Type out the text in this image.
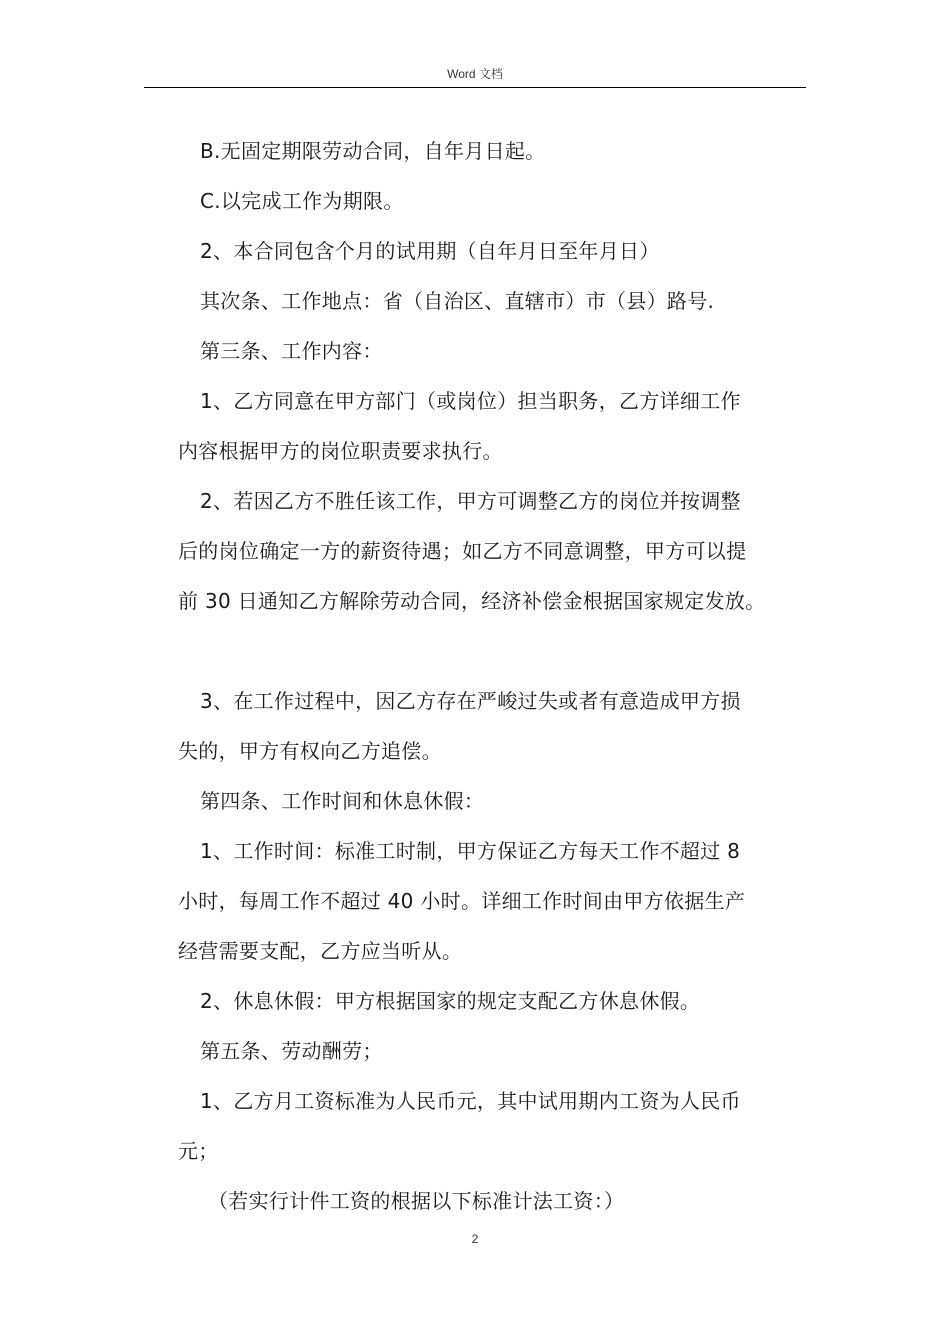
Word 文档

B.无固定期限劳动合同，自年月日起。

C.以完成工作为期限。

2、本合同包含个月的试用期（自年月日至年月日）

其次条、工作地点：省（自治区、直辖市）市（县）路号.

第三条、工作内容：

1、乙方同意在甲方部门（或岗位）担当职务，乙方详细工作

内容根据甲方的岗位职责要求执行。

2、若因乙方不胜任该工作，甲方可调整乙方的岗位并按调整

后的岗位确定一方的薪资待遇；如乙方不同意调整，甲方可以提

前 30 日通知乙方解除劳动合同，经济补偿金根据国家规定发放。

3、在工作过程中，因乙方存在严峻过失或者有意造成甲方损

失的，甲方有权向乙方追偿。

第四条、工作时间和休息休假：

1、工作时间：标准工时制，甲方保证乙方每天工作不超过 8

小时，每周工作不超过 40 小时。详细工作时间由甲方依据生产

经营需要支配，乙方应当听从。

2、休息休假：甲方根据国家的规定支配乙方休息休假。

第五条、劳动酬劳；

1、乙方月工资标准为人民币元，其中试用期内工资为人民币

元；

（若实行计件工资的根据以下标准计法工资：）

2
